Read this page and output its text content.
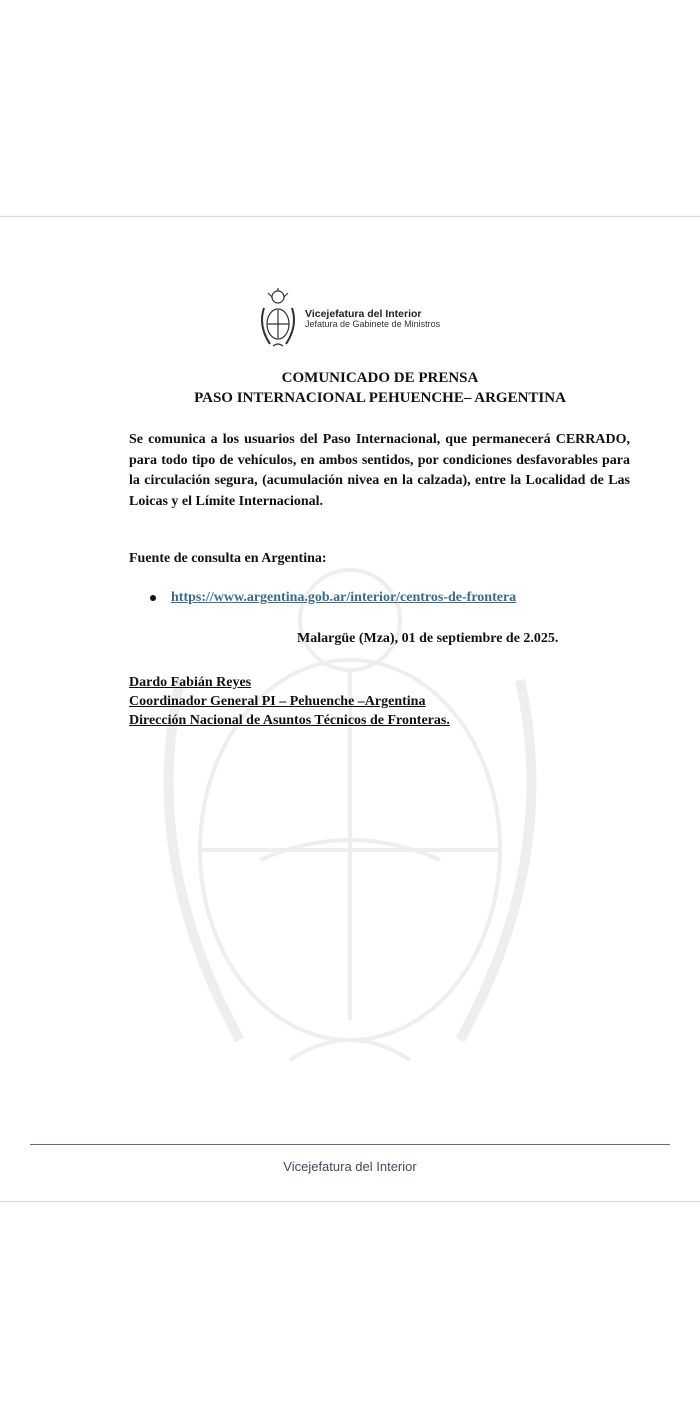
Vicejefatura del Interior
Jefatura de Gabinete de Ministros
COMUNICADO DE PRENSA
PASO INTERNACIONAL PEHUENCHE– ARGENTINA
Se comunica a los usuarios del Paso Internacional, que permanecerá CERRADO, para todo tipo de vehículos, en ambos sentidos, por condiciones desfavorables para la circulación segura, (acumulación nivea en la calzada), entre la Localidad de Las Loicas y el Límite Internacional.
Fuente de consulta en Argentina:
https://www.argentina.gob.ar/interior/centros-de-frontera
Malargüe (Mza), 01 de septiembre de 2.025.
Dardo Fabián Reyes
Coordinador General PI – Pehuenche –Argentina
Dirección Nacional de Asuntos Técnicos de Fronteras.
Vicejefatura del Interior
